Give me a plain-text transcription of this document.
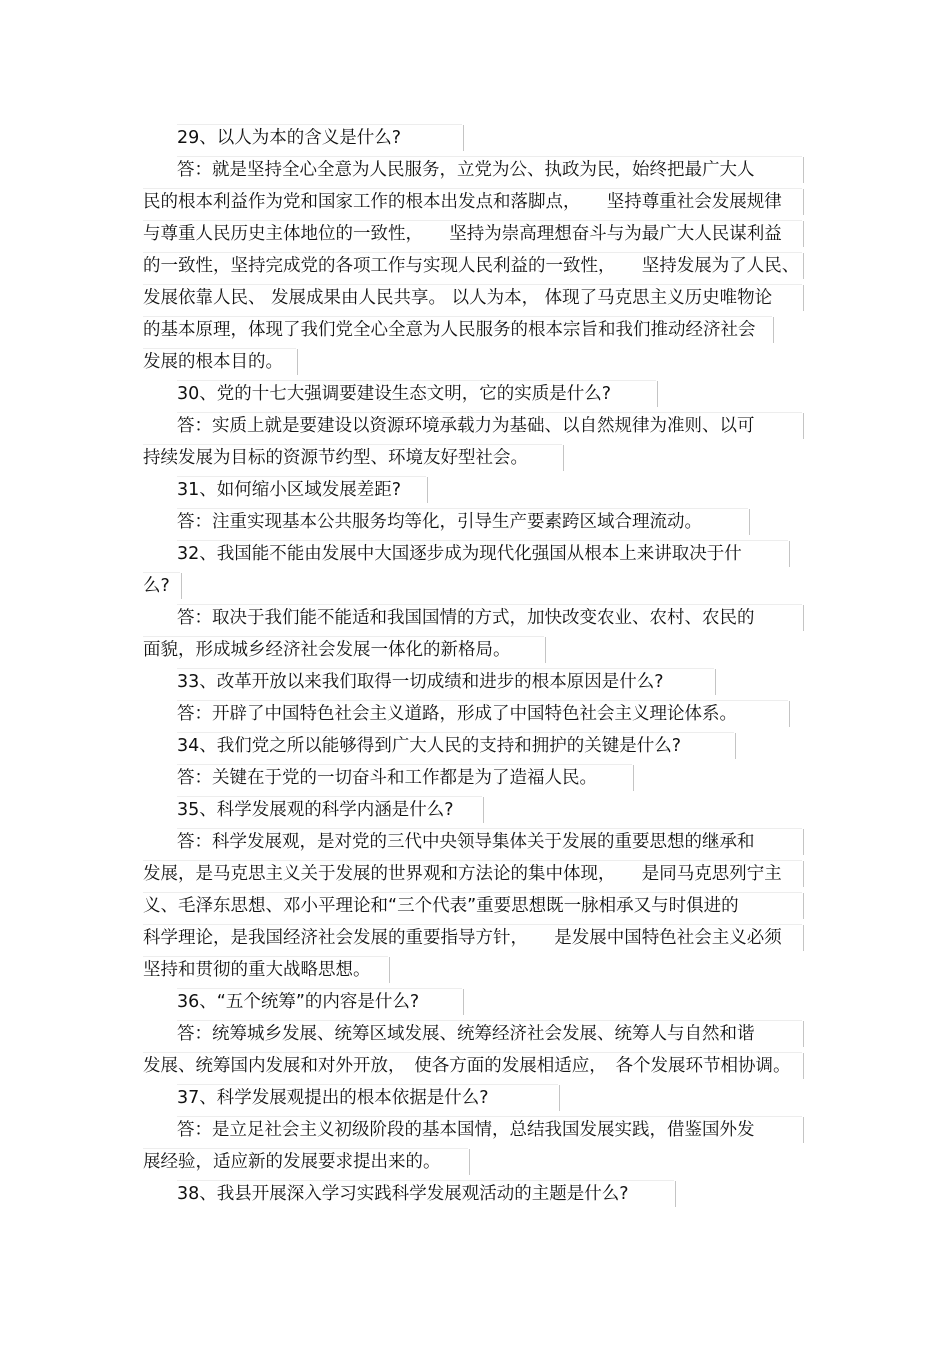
29、以人为本的含义是什么?
答：就是坚持全心全意为人民服务，立党为公、执政为民，始终把最广大人
民的根本利益作为党和国家工作的根本出发点和落脚点，　　坚持尊重社会发展规律
与尊重人民历史主体地位的一致性，　　坚持为崇高理想奋斗与为最广大人民谋利益
的一致性，坚持完成党的各项工作与实现人民利益的一致性，　　坚持发展为了人民、
发展依靠人民、 发展成果由人民共享。 以人为本， 体现了马克思主义历史唯物论
的基本原理，体现了我们党全心全意为人民服务的根本宗旨和我们推动经济社会
发展的根本目的。
30、党的十七大强调要建设生态文明，它的实质是什么?
答：实质上就是要建设以资源环境承载力为基础、以自然规律为准则、以可
持续发展为目标的资源节约型、环境友好型社会。
31、如何缩小区域发展差距?
答：注重实现基本公共服务均等化，引导生产要素跨区域合理流动。
32、我国能不能由发展中大国逐步成为现代化强国从根本上来讲取决于什
么?
答：取决于我们能不能适和我国国情的方式，加快改变农业、农村、农民的
面貌，形成城乡经济社会发展一体化的新格局。
33、改革开放以来我们取得一切成绩和进步的根本原因是什么?
答：开辟了中国特色社会主义道路，形成了中国特色社会主义理论体系。
34、我们党之所以能够得到广大人民的支持和拥护的关键是什么?
答：关键在于党的一切奋斗和工作都是为了造福人民。
35、科学发展观的科学内涵是什么?
答：科学发展观，是对党的三代中央领导集体关于发展的重要思想的继承和
发展，是马克思主义关于发展的世界观和方法论的集中体现，　　是同马克思列宁主
义、毛泽东思想、邓小平理论和“三个代表”重要思想既一脉相承又与时俱进的
科学理论，是我国经济社会发展的重要指导方针，　　是发展中国特色社会主义必须
坚持和贯彻的重大战略思想。
36、“五个统筹”的内容是什么?
答：统筹城乡发展、统筹区域发展、统筹经济社会发展、统筹人与自然和谐
发展、统筹国内发展和对外开放，　使各方面的发展相适应，　各个发展环节相协调。
37、科学发展观提出的根本依据是什么?
答：是立足社会主义初级阶段的基本国情，总结我国发展实践，借鉴国外发
展经验，适应新的发展要求提出来的。
38、我县开展深入学习实践科学发展观活动的主题是什么?
